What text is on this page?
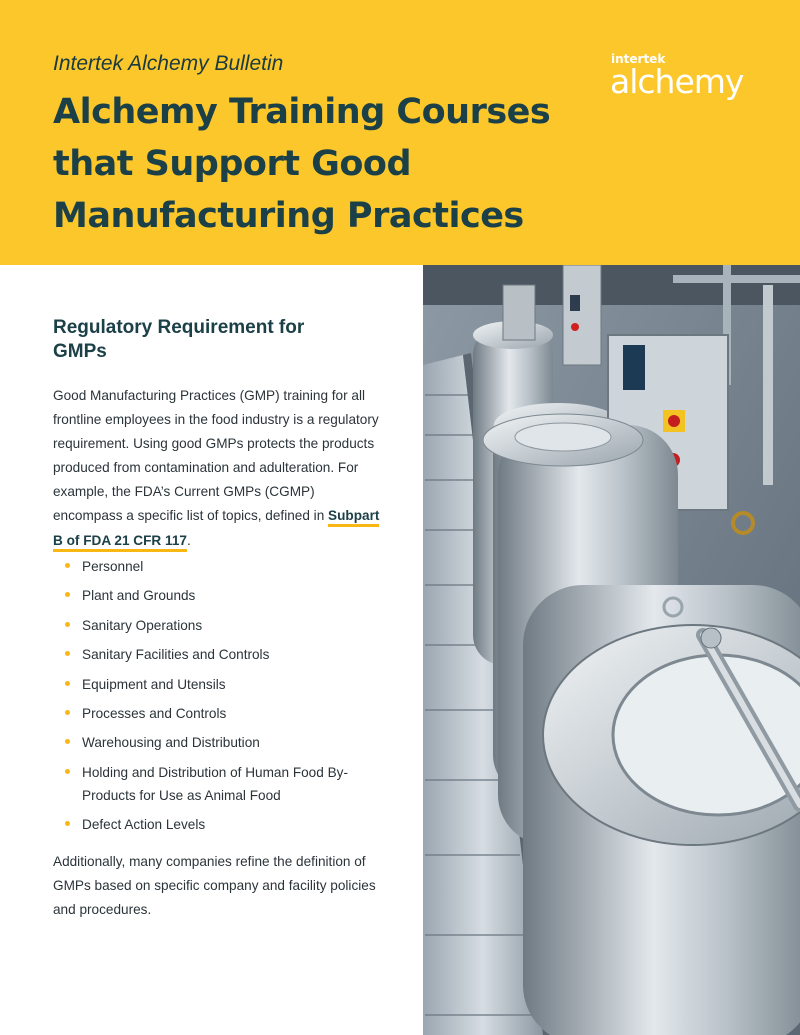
Intertek Alchemy Bulletin
Alchemy Training Courses that Support Good Manufacturing Practices
intertek
alchemy
Regulatory Requirement for GMPs

Good Manufacturing Practices (GMP) training for all frontline employees in the food industry is a regulatory requirement. Using good GMPs protects the products produced from contamination and adulteration. For example, the FDA’s Current GMPs (CGMP) encompass a specific list of topics, defined in Subpart B of FDA 21 CFR 117.

Personnel
Plant and Grounds
Sanitary Operations
Sanitary Facilities and Controls
Equipment and Utensils
Processes and Controls
Warehousing and Distribution
Holding and Distribution of Human Food By-Products for Use as Animal Food
Defect Action Levels

Additionally, many companies refine the definition of GMPs based on specific company and facility policies and procedures.
